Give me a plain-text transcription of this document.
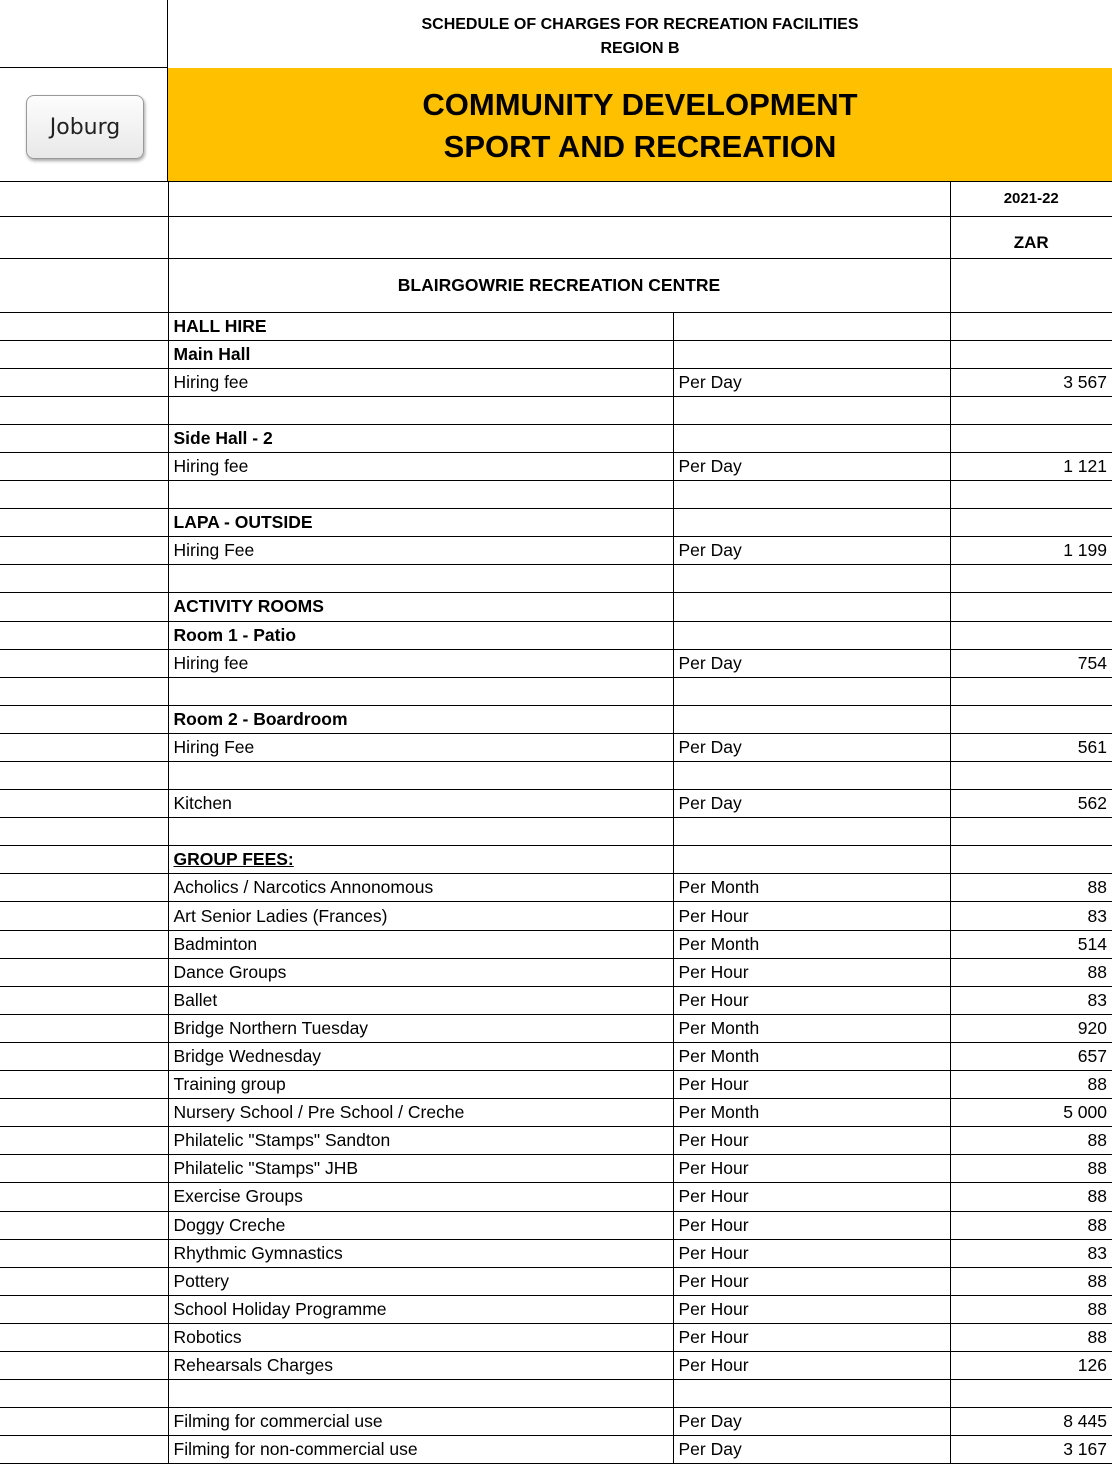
Joburg
SCHEDULE OF CHARGES FOR RECREATION FACILITIES
REGION B
COMMUNITY DEVELOPMENT
SPORT AND RECREATION
			2021-22
			ZAR
	BLAIRGOWRIE RECREATION CENTRE		
	HALL HIRE		
	Main Hall		
	Hiring fee	Per Day	3 567

	Side Hall - 2		
	Hiring fee	Per Day	1 121

	LAPA - OUTSIDE		
	Hiring Fee	Per Day	1 199

	ACTIVITY ROOMS		
	Room 1 - Patio		
	Hiring fee	Per Day	754

	Room 2 - Boardroom		
	Hiring Fee	Per Day	561

	Kitchen	Per Day	562

	GROUP FEES:		
	Acholics / Narcotics Annonomous	Per Month	88
	Art Senior Ladies (Frances)	Per Hour	83
	Badminton	Per Month	514
	Dance Groups	Per Hour	88
	Ballet	Per Hour	83
	Bridge Northern Tuesday	Per Month	920
	Bridge Wednesday	Per Month	657
	Training group	Per Hour	88
	Nursery School / Pre School / Creche	Per Month	5 000
	Philatelic "Stamps" Sandton	Per Hour	88
	Philatelic "Stamps" JHB	Per Hour	88
	Exercise Groups	Per Hour	88
	Doggy Creche	Per Hour	88
	Rhythmic Gymnastics	Per Hour	83
	Pottery	Per Hour	88
	School Holiday Programme	Per Hour	88
	Robotics	Per Hour	88
	Rehearsals Charges	Per Hour	126

	Filming for commercial use	Per Day	8 445
	Filming for non-commercial use	Per Day	3 167
